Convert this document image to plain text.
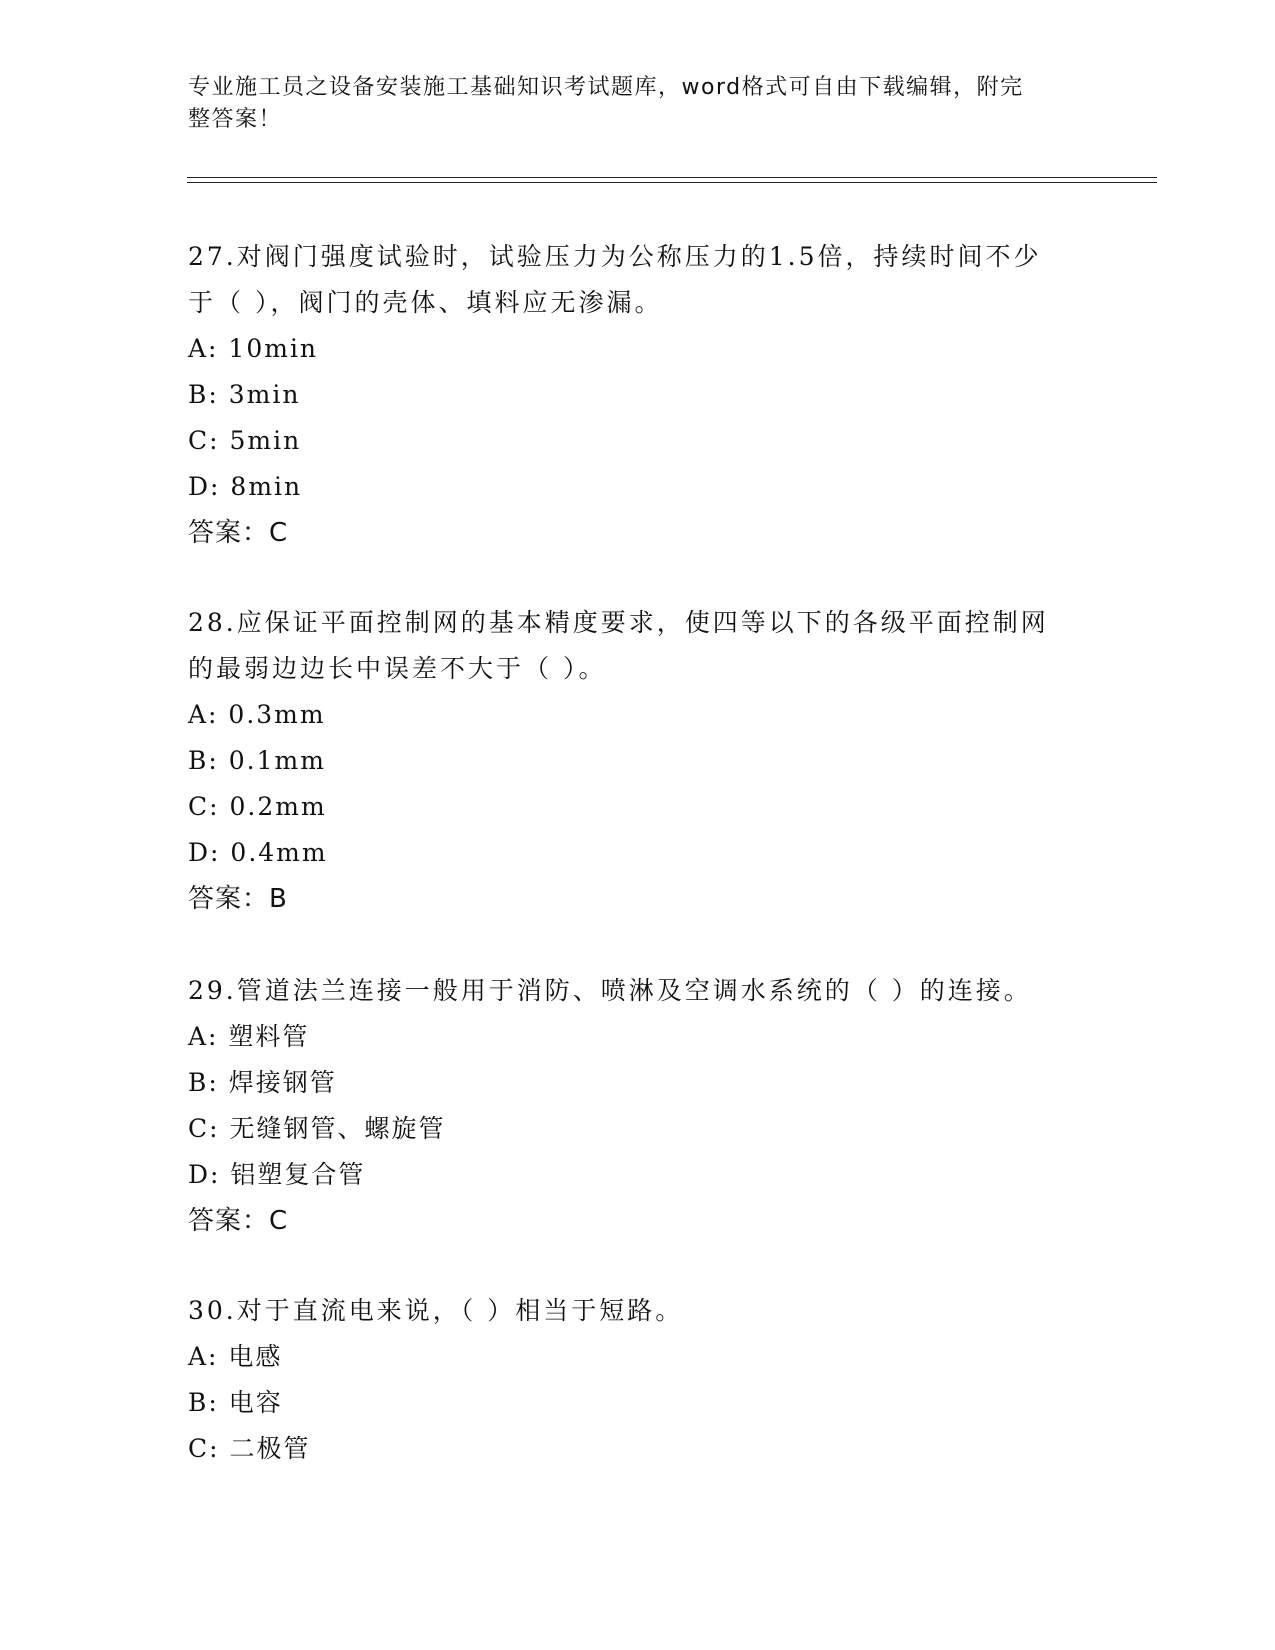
专业施工员之设备安装施工基础知识考试题库，word格式可自由下载编辑，附完
整答案！
27.对阀门强度试验时，试验压力为公称压力的1.5倍，持续时间不少
于（ ），阀门的壳体、填料应无渗漏。
A: 10min
B: 3min
C: 5min
D: 8min
答案：C
28.应保证平面控制网的基本精度要求，使四等以下的各级平面控制网
的最弱边边长中误差不大于（ ）。
A: 0.3mm
B: 0.1mm
C: 0.2mm
D: 0.4mm
答案：B
29.管道法兰连接一般用于消防、喷淋及空调水系统的（ ）的连接。
A: 塑料管
B: 焊接钢管
C: 无缝钢管、螺旋管
D: 铝塑复合管
答案：C
30.对于直流电来说，（ ）相当于短路。
A: 电感
B: 电容
C: 二极管
